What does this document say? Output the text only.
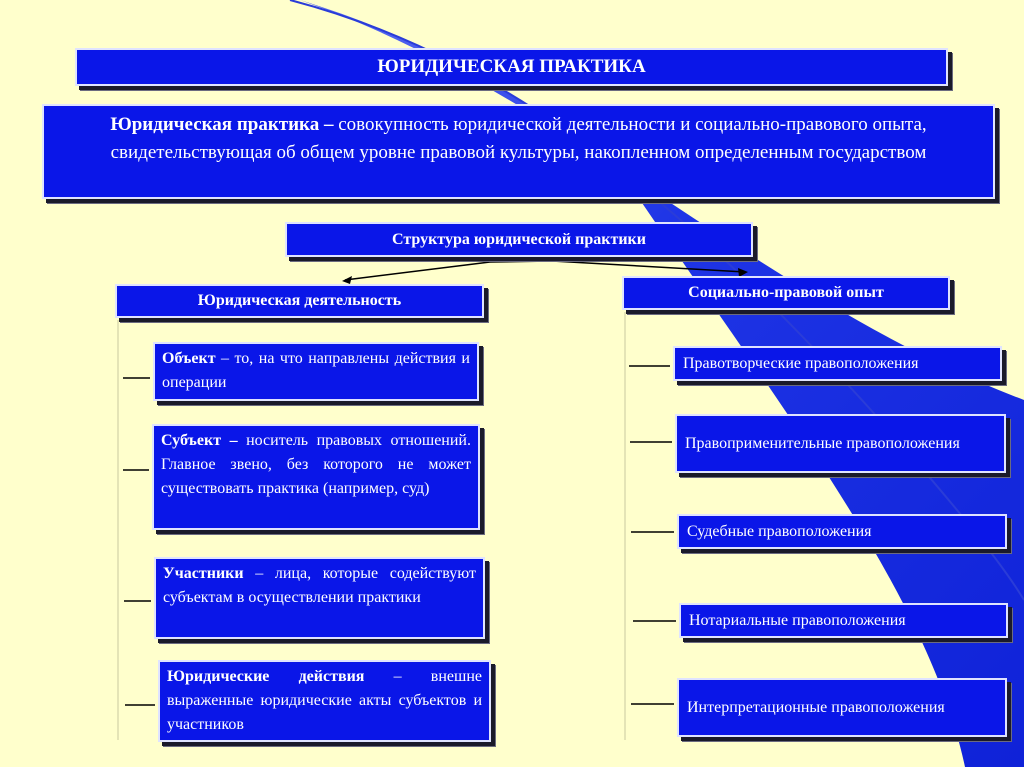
ЮРИДИЧЕСКАЯ ПРАКТИКА
Юридическая практика – совокупность юридической деятельности и социально-правового опыта, свидетельствующая об общем уровне правовой культуры, накопленном определенным государством
Структура юридической практики
Юридическая деятельность	Социально-правовой опыт
Объект – то, на что направлены действия и операции
Субъект – носитель правовых отношений. Главное звено, без которого не может существовать практика (например, суд)
Участники – лица, которые содействуют субъектам в осуществлении практики
Юридические действия – внешне выраженные юридические акты субъектов и участников
Правотворческие правоположения
Правоприменительные правоположения
Судебные правоположения
Нотариальные правоположения
Интерпретационные правоположения
